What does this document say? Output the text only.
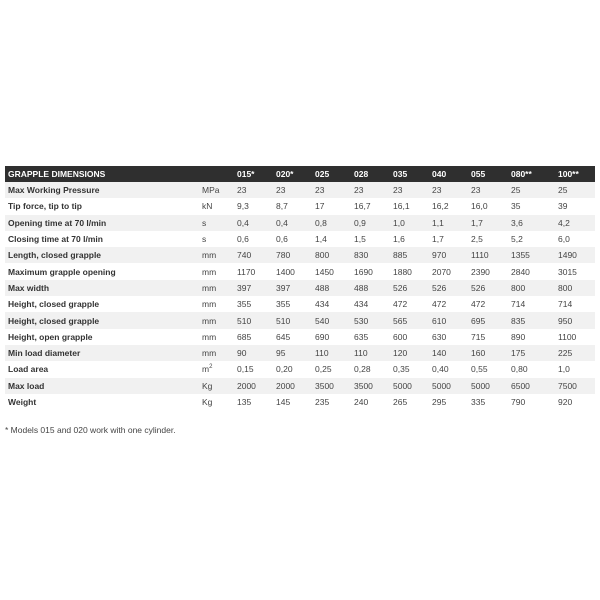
GRAPPLE DIMENSIONS		015*	020*	025	028	035	040	055	080**	100**
Max Working Pressure	MPa	23	23	23	23	23	23	23	25	25
Tip force, tip to tip	kN	9,3	8,7	17	16,7	16,1	16,2	16,0	35	39
Opening time at 70 l/min	s	0,4	0,4	0,8	0,9	1,0	1,1	1,7	3,6	4,2
Closing time at 70 l/min	s	0,6	0,6	1,4	1,5	1,6	1,7	2,5	5,2	6,0
Length, closed grapple	mm	740	780	800	830	885	970	1110	1355	1490
Maximum grapple opening	mm	1170	1400	1450	1690	1880	2070	2390	2840	3015
Max width	mm	397	397	488	488	526	526	526	800	800
Height, closed grapple	mm	355	355	434	434	472	472	472	714	714
Height, closed grapple	mm	510	510	540	530	565	610	695	835	950
Height, open grapple	mm	685	645	690	635	600	630	715	890	1100
Min load diameter	mm	90	95	110	110	120	140	160	175	225
Load area	$m^2$	0,15	0,20	0,25	0,28	0,35	0,40	0,55	0,80	1,0
Max load	Kg	2000	2000	3500	3500	5000	5000	5000	6500	7500
Weight	Kg	135	145	235	240	265	295	335	790	920
* Models 015 and 020 work with one cylinder.
